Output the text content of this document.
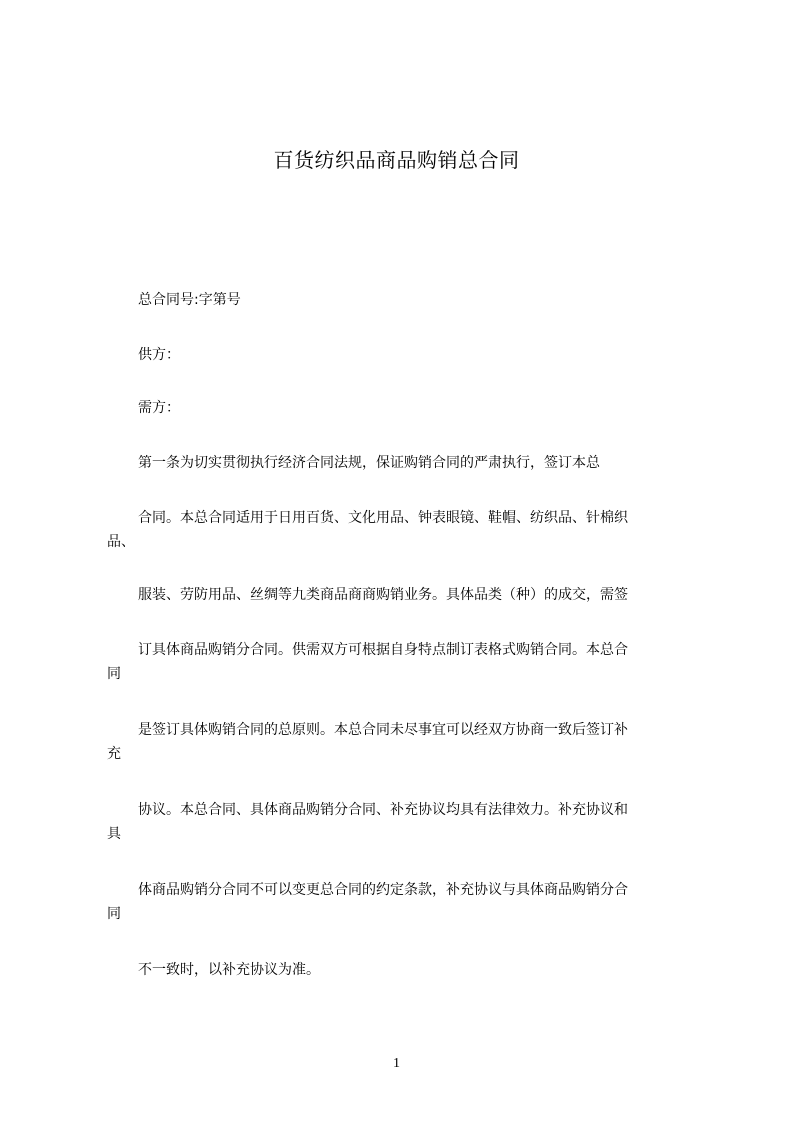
百货纺织品商品购销总合同
总合同号:字第号
供方：
需方：
第一条为切实贯彻执行经济合同法规，保证购销合同的严肃执行，签订本总
合同。本总合同适用于日用百货、文化用品、钟表眼镜、鞋帽、纺织品、针棉织
品、
服装、劳防用品、丝绸等九类商品商商购销业务。具体品类（种）的成交，需签
订具体商品购销分合同。供需双方可根据自身特点制订表格式购销合同。本总合
同
是签订具体购销合同的总原则。本总合同未尽事宜可以经双方协商一致后签订补
充
协议。本总合同、具体商品购销分合同、补充协议均具有法律效力。补充协议和
具
体商品购销分合同不可以变更总合同的约定条款，补充协议与具体商品购销分合
同
不一致时，以补充协议为准。
1
